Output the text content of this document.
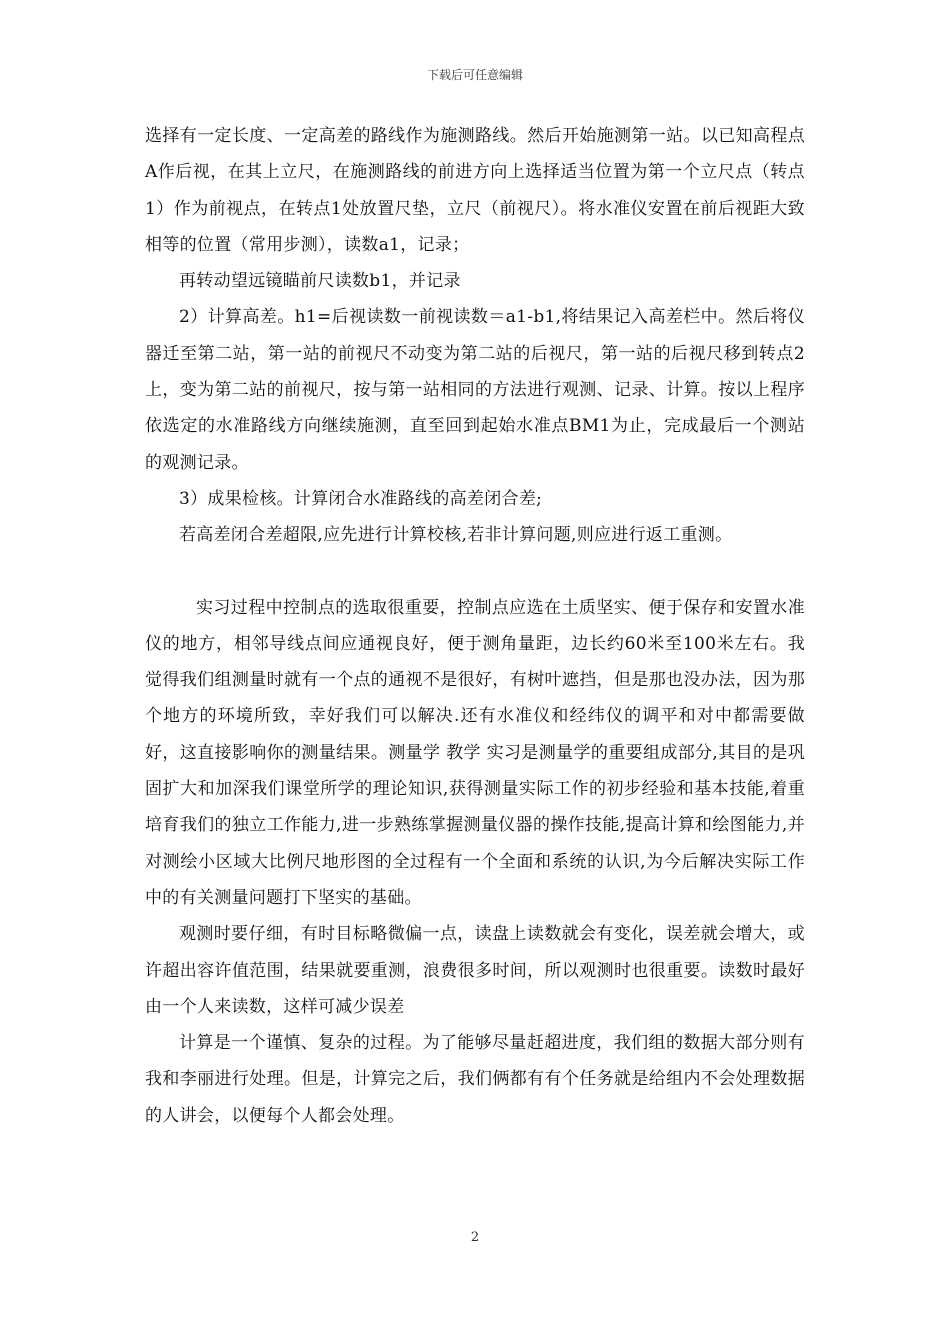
下载后可任意编辑

选择有一定长度、一定高差的路线作为施测路线。然后开始施测第一站。以已知高程点A作后视，在其上立尺，在施测路线的前进方向上选择适当位置为第一个立尺点（转点1）作为前视点，在转点1处放置尺垫，立尺（前视尺）。将水准仪安置在前后视距大致相等的位置（常用步测），读数a1，记录；

再转动望远镜瞄前尺读数b1，并记录

2）计算高差。h1=后视读数一前视读数＝a1-b1,将结果记入高差栏中。然后将仪器迁至第二站，第一站的前视尺不动变为第二站的后视尺，第一站的后视尺移到转点2上，变为第二站的前视尺，按与第一站相同的方法进行观测、记录、计算。按以上程序依选定的水准路线方向继续施测，直至回到起始水准点BM1为止，完成最后一个测站的观测记录。

3）成果检核。计算闭合水准路线的高差闭合差;

若高差闭合差超限,应先进行计算校核,若非计算问题,则应进行返工重测。

实习过程中控制点的选取很重要，控制点应选在土质坚实、便于保存和安置水准仪的地方，相邻导线点间应通视良好，便于测角量距，边长约60米至100米左右。我觉得我们组测量时就有一个点的通视不是很好，有树叶遮挡，但是那也没办法，因为那个地方的环境所致，幸好我们可以解决.还有水准仪和经纬仪的调平和对中都需要做好，这直接影响你的测量结果。测量学 教学 实习是测量学的重要组成部分,其目的是巩固扩大和加深我们课堂所学的理论知识,获得测量实际工作的初步经验和基本技能,着重培育我们的独立工作能力,进一步熟练掌握测量仪器的操作技能,提高计算和绘图能力,并对测绘小区域大比例尺地形图的全过程有一个全面和系统的认识,为今后解决实际工作中的有关测量问题打下坚实的基础。

观测时要仔细，有时目标略微偏一点，读盘上读数就会有变化，误差就会增大，或许超出容许值范围，结果就要重测，浪费很多时间，所以观测时也很重要。读数时最好由一个人来读数，这样可减少误差

计算是一个谨慎、复杂的过程。为了能够尽量赶超进度，我们组的数据大部分则有我和李丽进行处理。但是，计算完之后，我们俩都有有个任务就是给组内不会处理数据的人讲会，以便每个人都会处理。

2
